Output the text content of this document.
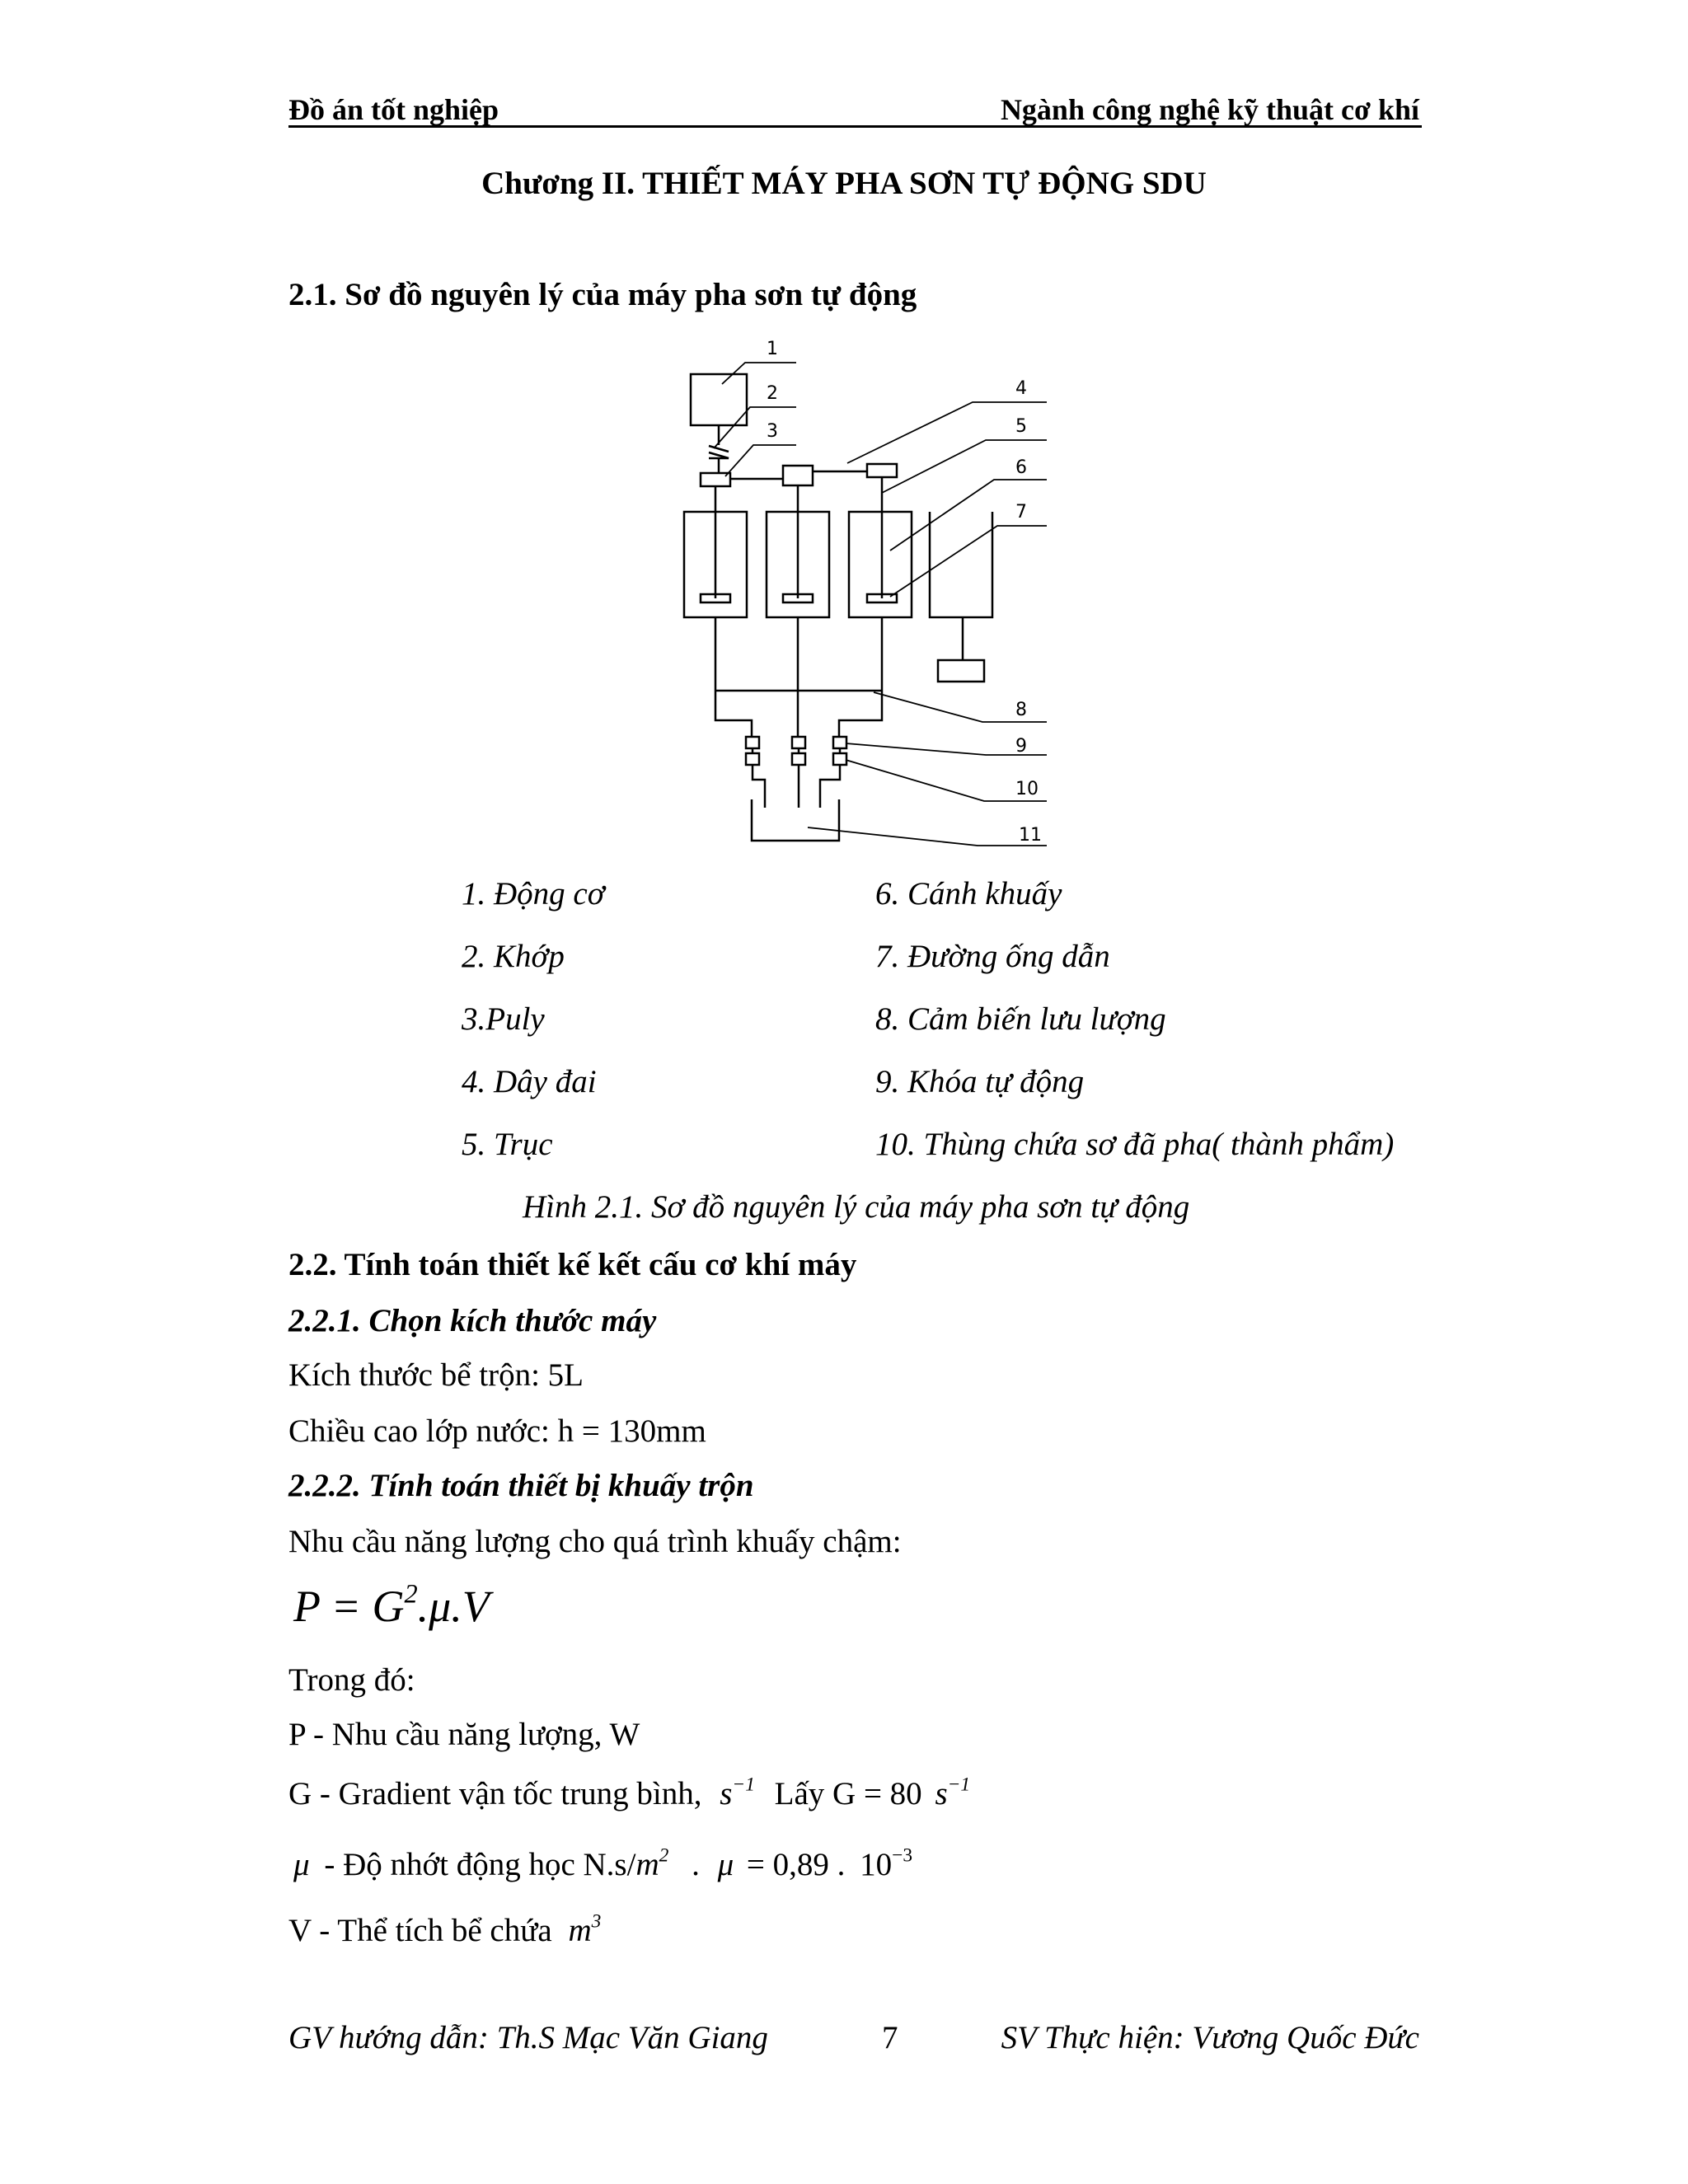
Đồ án tốt nghiệp	Ngành công nghệ kỹ thuật cơ khí
Chương II. THIẾT MÁY PHA SƠN TỰ ĐỘNG SDU
2.1. Sơ đồ nguyên lý của máy pha sơn tự động
1
2
3
4
5
6
7
8
9
10
11
1. Động cơ
2. Khớp
3.Puly
4. Dây đai
5. Trục
6. Cánh khuấy
7. Đường ống dẫn
8. Cảm biến lưu lượng
9. Khóa tự động
10. Thùng chứa sơ đã pha( thành phẩm)
Hình 2.1. Sơ đồ nguyên lý của máy pha sơn tự động
2.2. Tính toán thiết kế kết cấu cơ khí máy
2.2.1. Chọn kích thước máy
Kích thước bể trộn: 5L
Chiều cao lớp nước: h = 130mm
2.2.2. Tính toán thiết bị khuấy trộn
Nhu cầu năng lượng cho quá trình khuấy chậm:
$P = G^2.\mu.V$
Trong đó:
P - Nhu cầu năng lượng, W
G - Gradient vận tốc trung bình, $s^{-1}$ Lấy G = 80 $s^{-1}$
μ - Độ nhớt động học $N.s/m^2$ . μ = 0,89 . $10^{-3}$
V - Thể tích bể chứa $m^3$
GV hướng dẫn: Th.S Mạc Văn Giang	7	SV Thực hiện: Vương Quốc Đức
